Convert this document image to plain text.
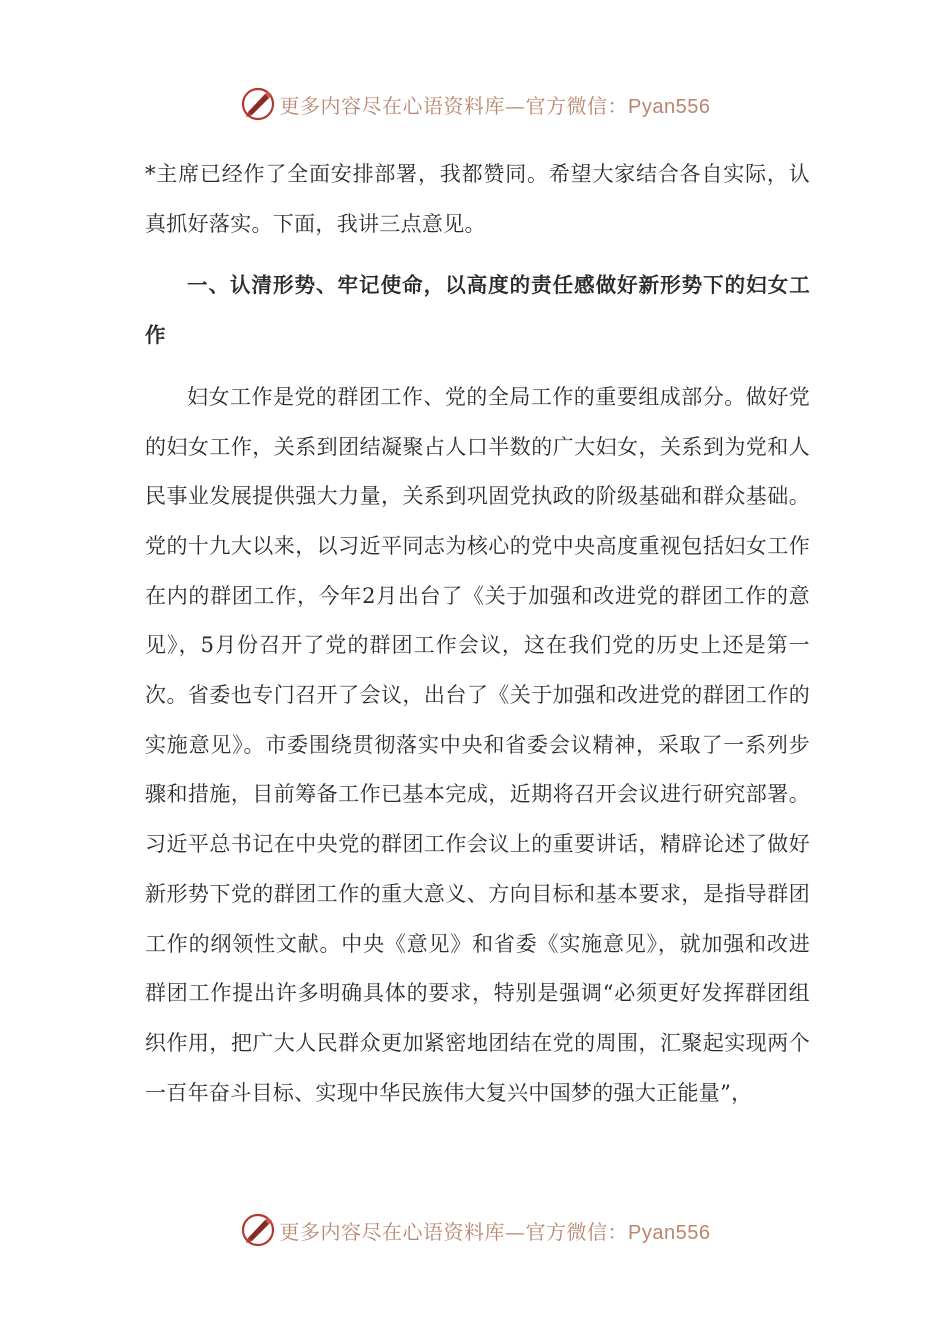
更多内容尽在心语资料库—官方微信：Pyan556

*主席已经作了全面安排部署，我都赞同。希望大家结合各自实际，认真抓好落实。下面，我讲三点意见。

一、认清形势、牢记使命，以高度的责任感做好新形势下的妇女工作

妇女工作是党的群团工作、党的全局工作的重要组成部分。做好党的妇女工作，关系到团结凝聚占人口半数的广大妇女，关系到为党和人民事业发展提供强大力量，关系到巩固党执政的阶级基础和群众基础。党的十九大以来，以习近平同志为核心的党中央高度重视包括妇女工作在内的群团工作，今年2月出台了《关于加强和改进党的群团工作的意见》，5月份召开了党的群团工作会议，这在我们党的历史上还是第一次。省委也专门召开了会议，出台了《关于加强和改进党的群团工作的实施意见》。市委围绕贯彻落实中央和省委会议精神，采取了一系列步骤和措施，目前筹备工作已基本完成，近期将召开会议进行研究部署。习近平总书记在中央党的群团工作会议上的重要讲话，精辟论述了做好新形势下党的群团工作的重大意义、方向目标和基本要求，是指导群团工作的纲领性文献。中央《意见》和省委《实施意见》，就加强和改进群团工作提出许多明确具体的要求，特别是强调“必须更好发挥群团组织作用，把广大人民群众更加紧密地团结在党的周围，汇聚起实现两个一百年奋斗目标、实现中华民族伟大复兴中国梦的强大正能量”，

更多内容尽在心语资料库—官方微信：Pyan556
